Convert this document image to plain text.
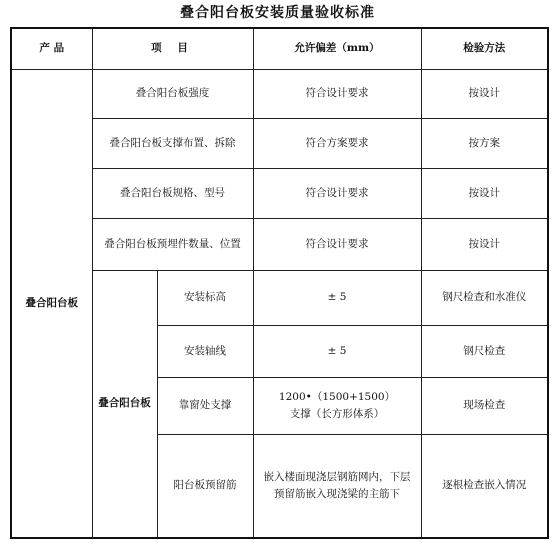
叠合阳台板安装质量验收标准
产 品	项 目		允许偏差（mm）	检验方法
叠合阳台板	叠合阳台板强度		符合设计要求	按设计
	叠合阳台板支撑布置、拆除		符合方案要求	按方案
	叠合阳台板规格、型号		符合设计要求	按设计
	叠合阳台板预埋件数量、位置		符合设计要求	按设计
	叠合阳台板	安装标高	± 5	钢尺检查和水准仪
		安装轴线	± 5	钢尺检查
		靠窗处支撑	1200•（1500+1500）
支撑（长方形体系）	现场检查
		阳台板预留筋	嵌入楼面现浇层钢筋网内，下层
预留筋嵌入现浇梁的主筋下	逐根检查嵌入情况
